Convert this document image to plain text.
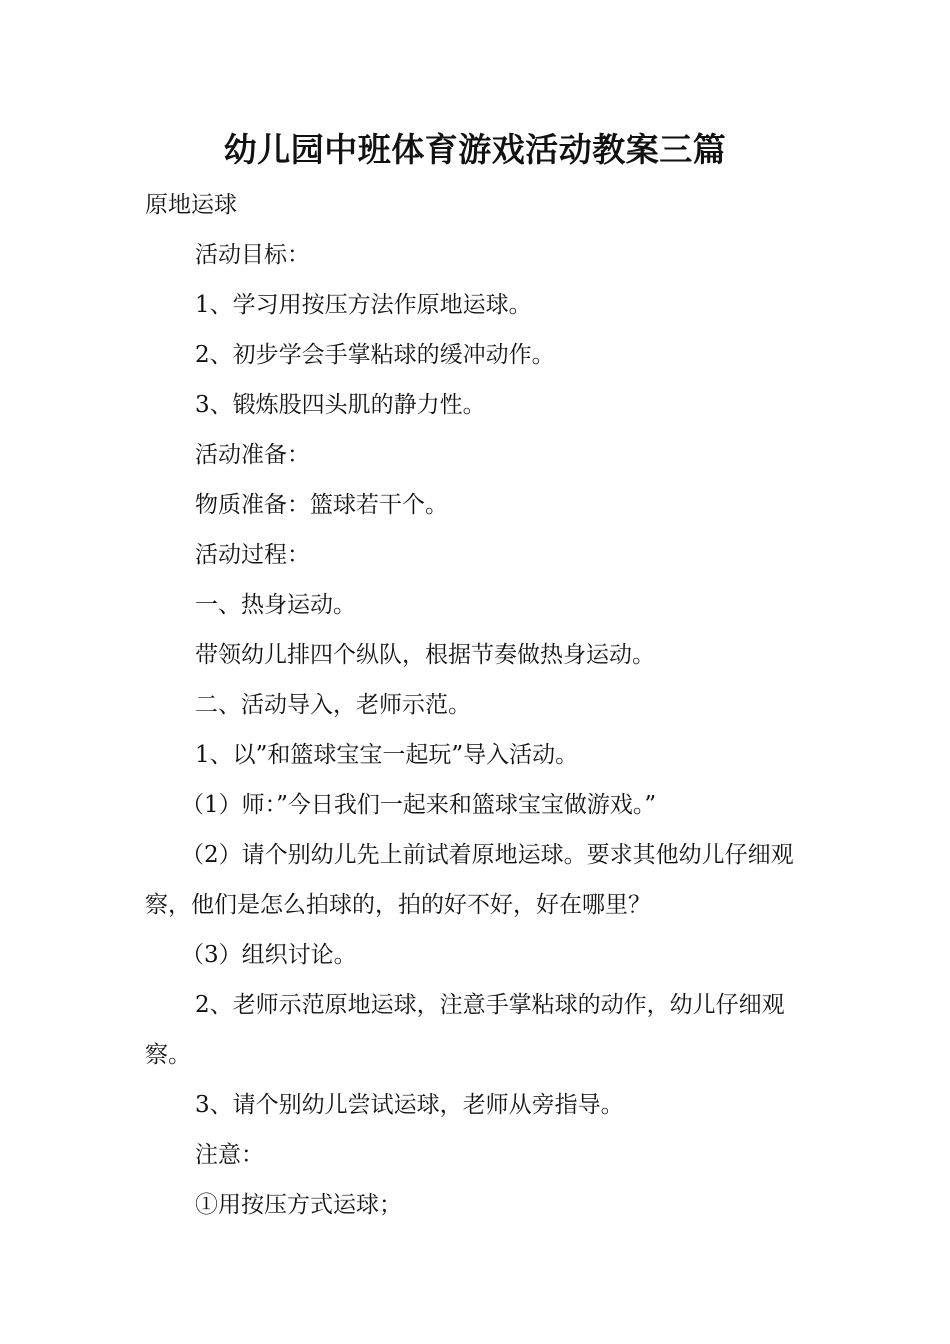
幼儿园中班体育游戏活动教案三篇

原地运球

活动目标：

1、学习用按压方法作原地运球。

2、初步学会手掌粘球的缓冲动作。

3、锻炼股四头肌的静力性。

活动准备：

物质准备：篮球若干个。

活动过程：

一、热身运动。

带领幼儿排四个纵队，根据节奏做热身运动。

二、活动导入，老师示范。

1、以”和篮球宝宝一起玩”导入活动。

（1）师：”今日我们一起来和篮球宝宝做游戏。”

（2）请个别幼儿先上前试着原地运球。要求其他幼儿仔细观察，他们是怎么拍球的，拍的好不好，好在哪里？

（3）组织讨论。

2、老师示范原地运球，注意手掌粘球的动作，幼儿仔细观察。

3、请个别幼儿尝试运球，老师从旁指导。

注意：

①用按压方式运球；
